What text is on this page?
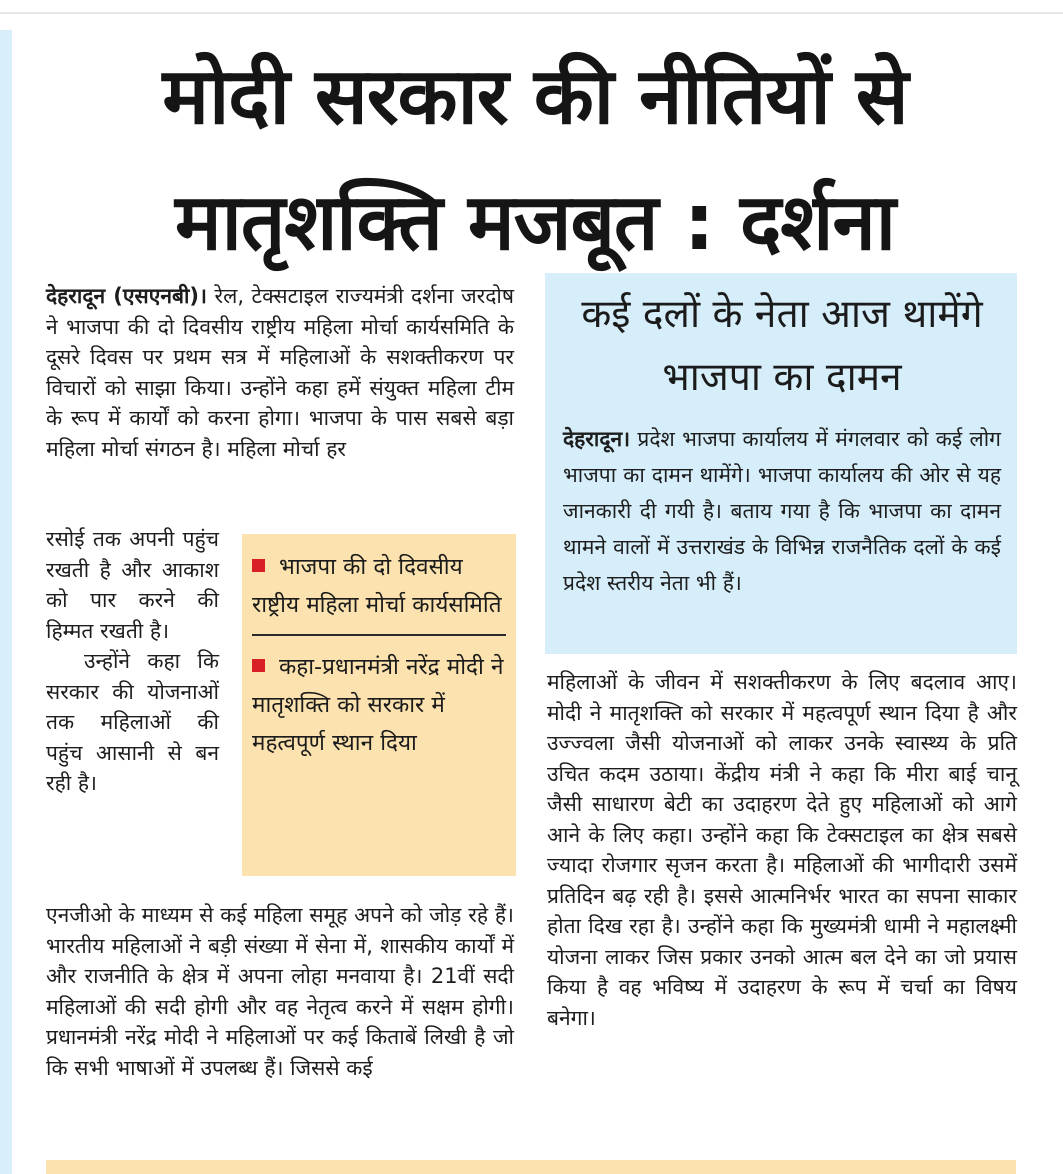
मोदी सरकार की नीतियों से मातृशक्ति मजबूत : दर्शना

देहरादून (एसएनबी)। रेल, टेक्सटाइल राज्यमंत्री दर्शना जरदोष ने भाजपा की दो दिवसीय राष्ट्रीय महिला मोर्चा कार्यसमिति के दूसरे दिवस पर प्रथम सत्र में महिलाओं के सशक्तीकरण पर विचारों को साझा किया। उन्होंने कहा हमें संयुक्त महिला टीम के रूप में कार्यों को करना होगा। भाजपा के पास सबसे बड़ा महिला मोर्चा संगठन है। महिला मोर्चा हर

रसोई तक अपनी पहुंच रखती है और आकाश को पार करने की हिम्मत रखती है।

उन्होंने कहा कि सरकार की योजनाओं तक महिलाओं की पहुंच आसानी से बन रही है।

भाजपा की दो दिवसीय राष्ट्रीय महिला मोर्चा कार्यसमिति

कहा-प्रधानमंत्री नरेंद्र मोदी ने मातृशक्ति को सरकार में महत्वपूर्ण स्थान दिया

एनजीओ के माध्यम से कई महिला समूह अपने को जोड़ रहे हैं। भारतीय महिलाओं ने बड़ी संख्या में सेना में, शासकीय कार्यों में और राजनीति के क्षेत्र में अपना लोहा मनवाया है। 21वीं सदी महिलाओं की सदी होगी और वह नेतृत्व करने में सक्षम होगी। प्रधानमंत्री नरेंद्र मोदी ने महिलाओं पर कई किताबें लिखी है जो कि सभी भाषाओं में उपलब्ध हैं। जिससे कई

कई दलों के नेता आज थामेंगे भाजपा का दामन

देहरादून। प्रदेश भाजपा कार्यालय में मंगलवार को कई लोग भाजपा का दामन थामेंगे। भाजपा कार्यालय की ओर से यह जानकारी दी गयी है। बताय गया है कि भाजपा का दामन थामने वालों में उत्तराखंड के विभिन्न राजनैतिक दलों के कई प्रदेश स्तरीय नेता भी हैं।

महिलाओं के जीवन में सशक्तीकरण के लिए बदलाव आए। मोदी ने मातृशक्ति को सरकार में महत्वपूर्ण स्थान दिया है और उज्ज्वला जैसी योजनाओं को लाकर उनके स्वास्थ्य के प्रति उचित कदम उठाया। केंद्रीय मंत्री ने कहा कि मीरा बाई चानू जैसी साधारण बेटी का उदाहरण देते हुए महिलाओं को आगे आने के लिए कहा। उन्होंने कहा कि टेक्सटाइल का क्षेत्र सबसे ज्यादा रोजगार सृजन करता है। महिलाओं की भागीदारी उसमें प्रतिदिन बढ़ रही है। इससे आत्मनिर्भर भारत का सपना साकार होता दिख रहा है। उन्होंने कहा कि मुख्यमंत्री धामी ने महालक्ष्मी योजना लाकर जिस प्रकार उनको आत्म बल देने का जो प्रयास किया है वह भविष्य में उदाहरण के रूप में चर्चा का विषय बनेगा।
